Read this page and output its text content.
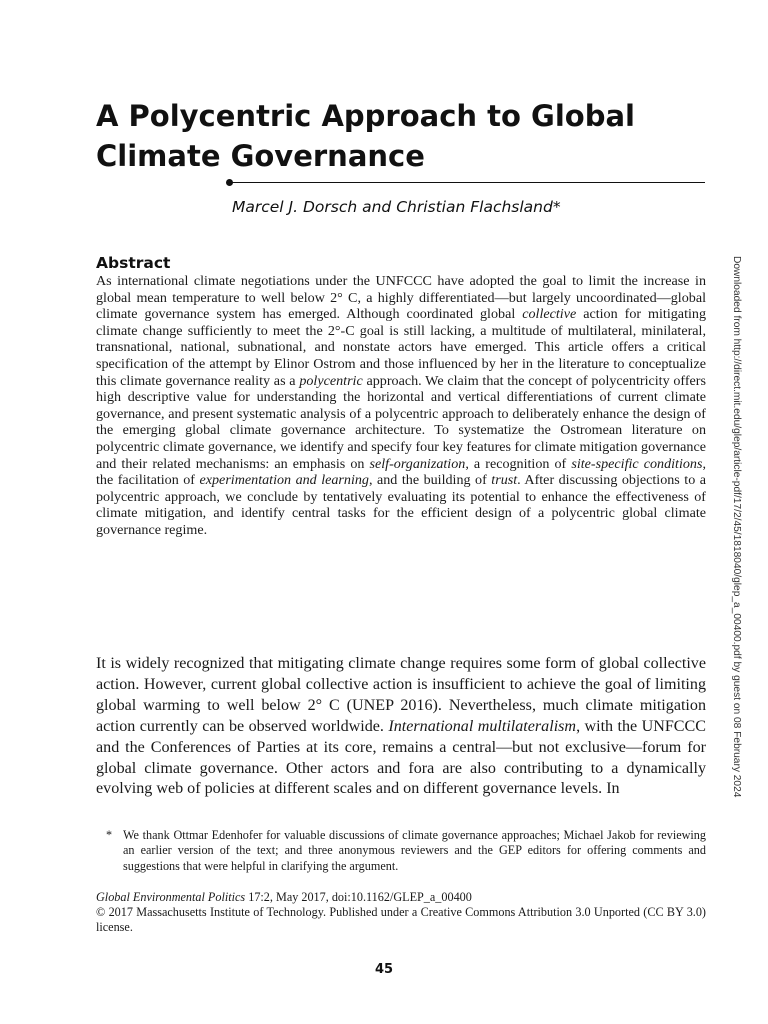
A Polycentric Approach to Global Climate Governance
Marcel J. Dorsch and Christian Flachsland*
Abstract

As international climate negotiations under the UNFCCC have adopted the goal to limit the increase in global mean temperature to well below 2° C, a highly differentiated—but largely uncoordinated—global climate governance system has emerged. Although coordinated global collective action for mitigating climate change sufficiently to meet the 2°-C goal is still lacking, a multitude of multilateral, minilateral, transnational, national, subnational, and nonstate actors have emerged. This article offers a critical specification of the attempt by Elinor Ostrom and those influenced by her in the literature to conceptualize this climate governance reality as a polycentric approach. We claim that the concept of polycentricity offers high descriptive value for understanding the horizontal and vertical differentiations of current climate governance, and present systematic analysis of a polycentric approach to deliberately enhance the design of the emerging global climate governance architecture. To systematize the Ostromean literature on polycentric climate governance, we identify and specify four key features for climate mitigation governance and their related mechanisms: an emphasis on self-organization, a recognition of site-specific conditions, the facilitation of experimentation and learning, and the building of trust. After discussing objections to a polycentric approach, we conclude by tentatively evaluating its potential to enhance the effectiveness of climate mitigation, and identify central tasks for the efficient design of a polycentric global climate governance regime.

It is widely recognized that mitigating climate change requires some form of global collective action. However, current global collective action is insufficient to achieve the goal of limiting global warming to well below 2° C (UNEP 2016). Nevertheless, much climate mitigation action currently can be observed worldwide. International multilateralism, with the UNFCCC and the Conferences of Parties at its core, remains a central—but not exclusive—forum for global climate governance. Other actors and fora are also contributing to a dynamically evolving web of policies at different scales and on different governance levels. In

* We thank Ottmar Edenhofer for valuable discussions of climate governance approaches; Michael Jakob for reviewing an earlier version of the text; and three anonymous reviewers and the GEP editors for offering comments and suggestions that were helpful in clarifying the argument.
Global Environmental Politics 17:2, May 2017, doi:10.1162/GLEP_a_00400
© 2017 Massachusetts Institute of Technology. Published under a Creative Commons Attribution 3.0 Unported (CC BY 3.0) license.
45
Downloaded from http://direct.mit.edu/glep/article-pdf/17/2/45/1818040/glep_a_00400.pdf by guest on 08 February 2024
